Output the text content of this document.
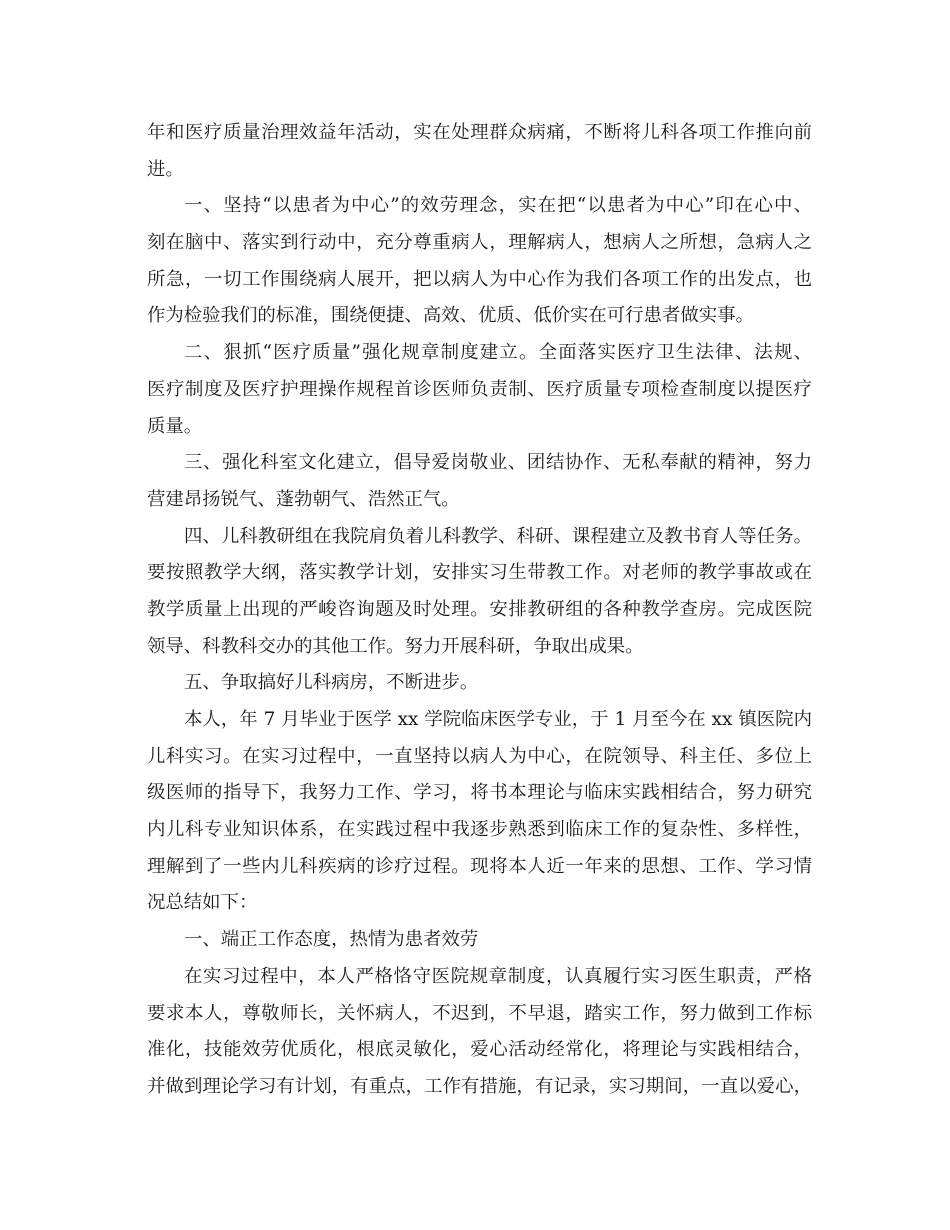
年和医疗质量治理效益年活动，实在处理群众病痛，不断将儿科各项工作推向前
进。
一、坚持“以患者为中心”的效劳理念，实在把“以患者为中心”印在心中、
刻在脑中、落实到行动中，充分尊重病人，理解病人，想病人之所想，急病人之
所急，一切工作围绕病人展开，把以病人为中心作为我们各项工作的出发点，也
作为检验我们的标准，围绕便捷、高效、优质、低价实在可行患者做实事。
二、狠抓“医疗质量”强化规章制度建立。全面落实医疗卫生法律、法规、
医疗制度及医疗护理操作规程首诊医师负责制、医疗质量专项检查制度以提医疗
质量。
三、强化科室文化建立，倡导爱岗敬业、团结协作、无私奉献的精神，努力
营建昂扬锐气、蓬勃朝气、浩然正气。
四、儿科教研组在我院肩负着儿科教学、科研、课程建立及教书育人等任务。
要按照教学大纲，落实教学计划，安排实习生带教工作。对老师的教学事故或在
教学质量上出现的严峻咨询题及时处理。安排教研组的各种教学查房。完成医院
领导、科教科交办的其他工作。努力开展科研，争取出成果。
五、争取搞好儿科病房，不断进步。
本人，年 7 月毕业于医学 xx 学院临床医学专业，于 1 月至今在 xx 镇医院内
儿科实习。在实习过程中，一直坚持以病人为中心，在院领导、科主任、多位上
级医师的指导下，我努力工作、学习，将书本理论与临床实践相结合，努力研究
内儿科专业知识体系，在实践过程中我逐步熟悉到临床工作的复杂性、多样性，
理解到了一些内儿科疾病的诊疗过程。现将本人近一年来的思想、工作、学习情
况总结如下：
一、端正工作态度，热情为患者效劳
在实习过程中，本人严格恪守医院规章制度，认真履行实习医生职责，严格
要求本人，尊敬师长，关怀病人，不迟到，不早退，踏实工作，努力做到工作标
准化，技能效劳优质化，根底灵敏化，爱心活动经常化，将理论与实践相结合，
并做到理论学习有计划，有重点，工作有措施，有记录，实习期间，一直以爱心，
